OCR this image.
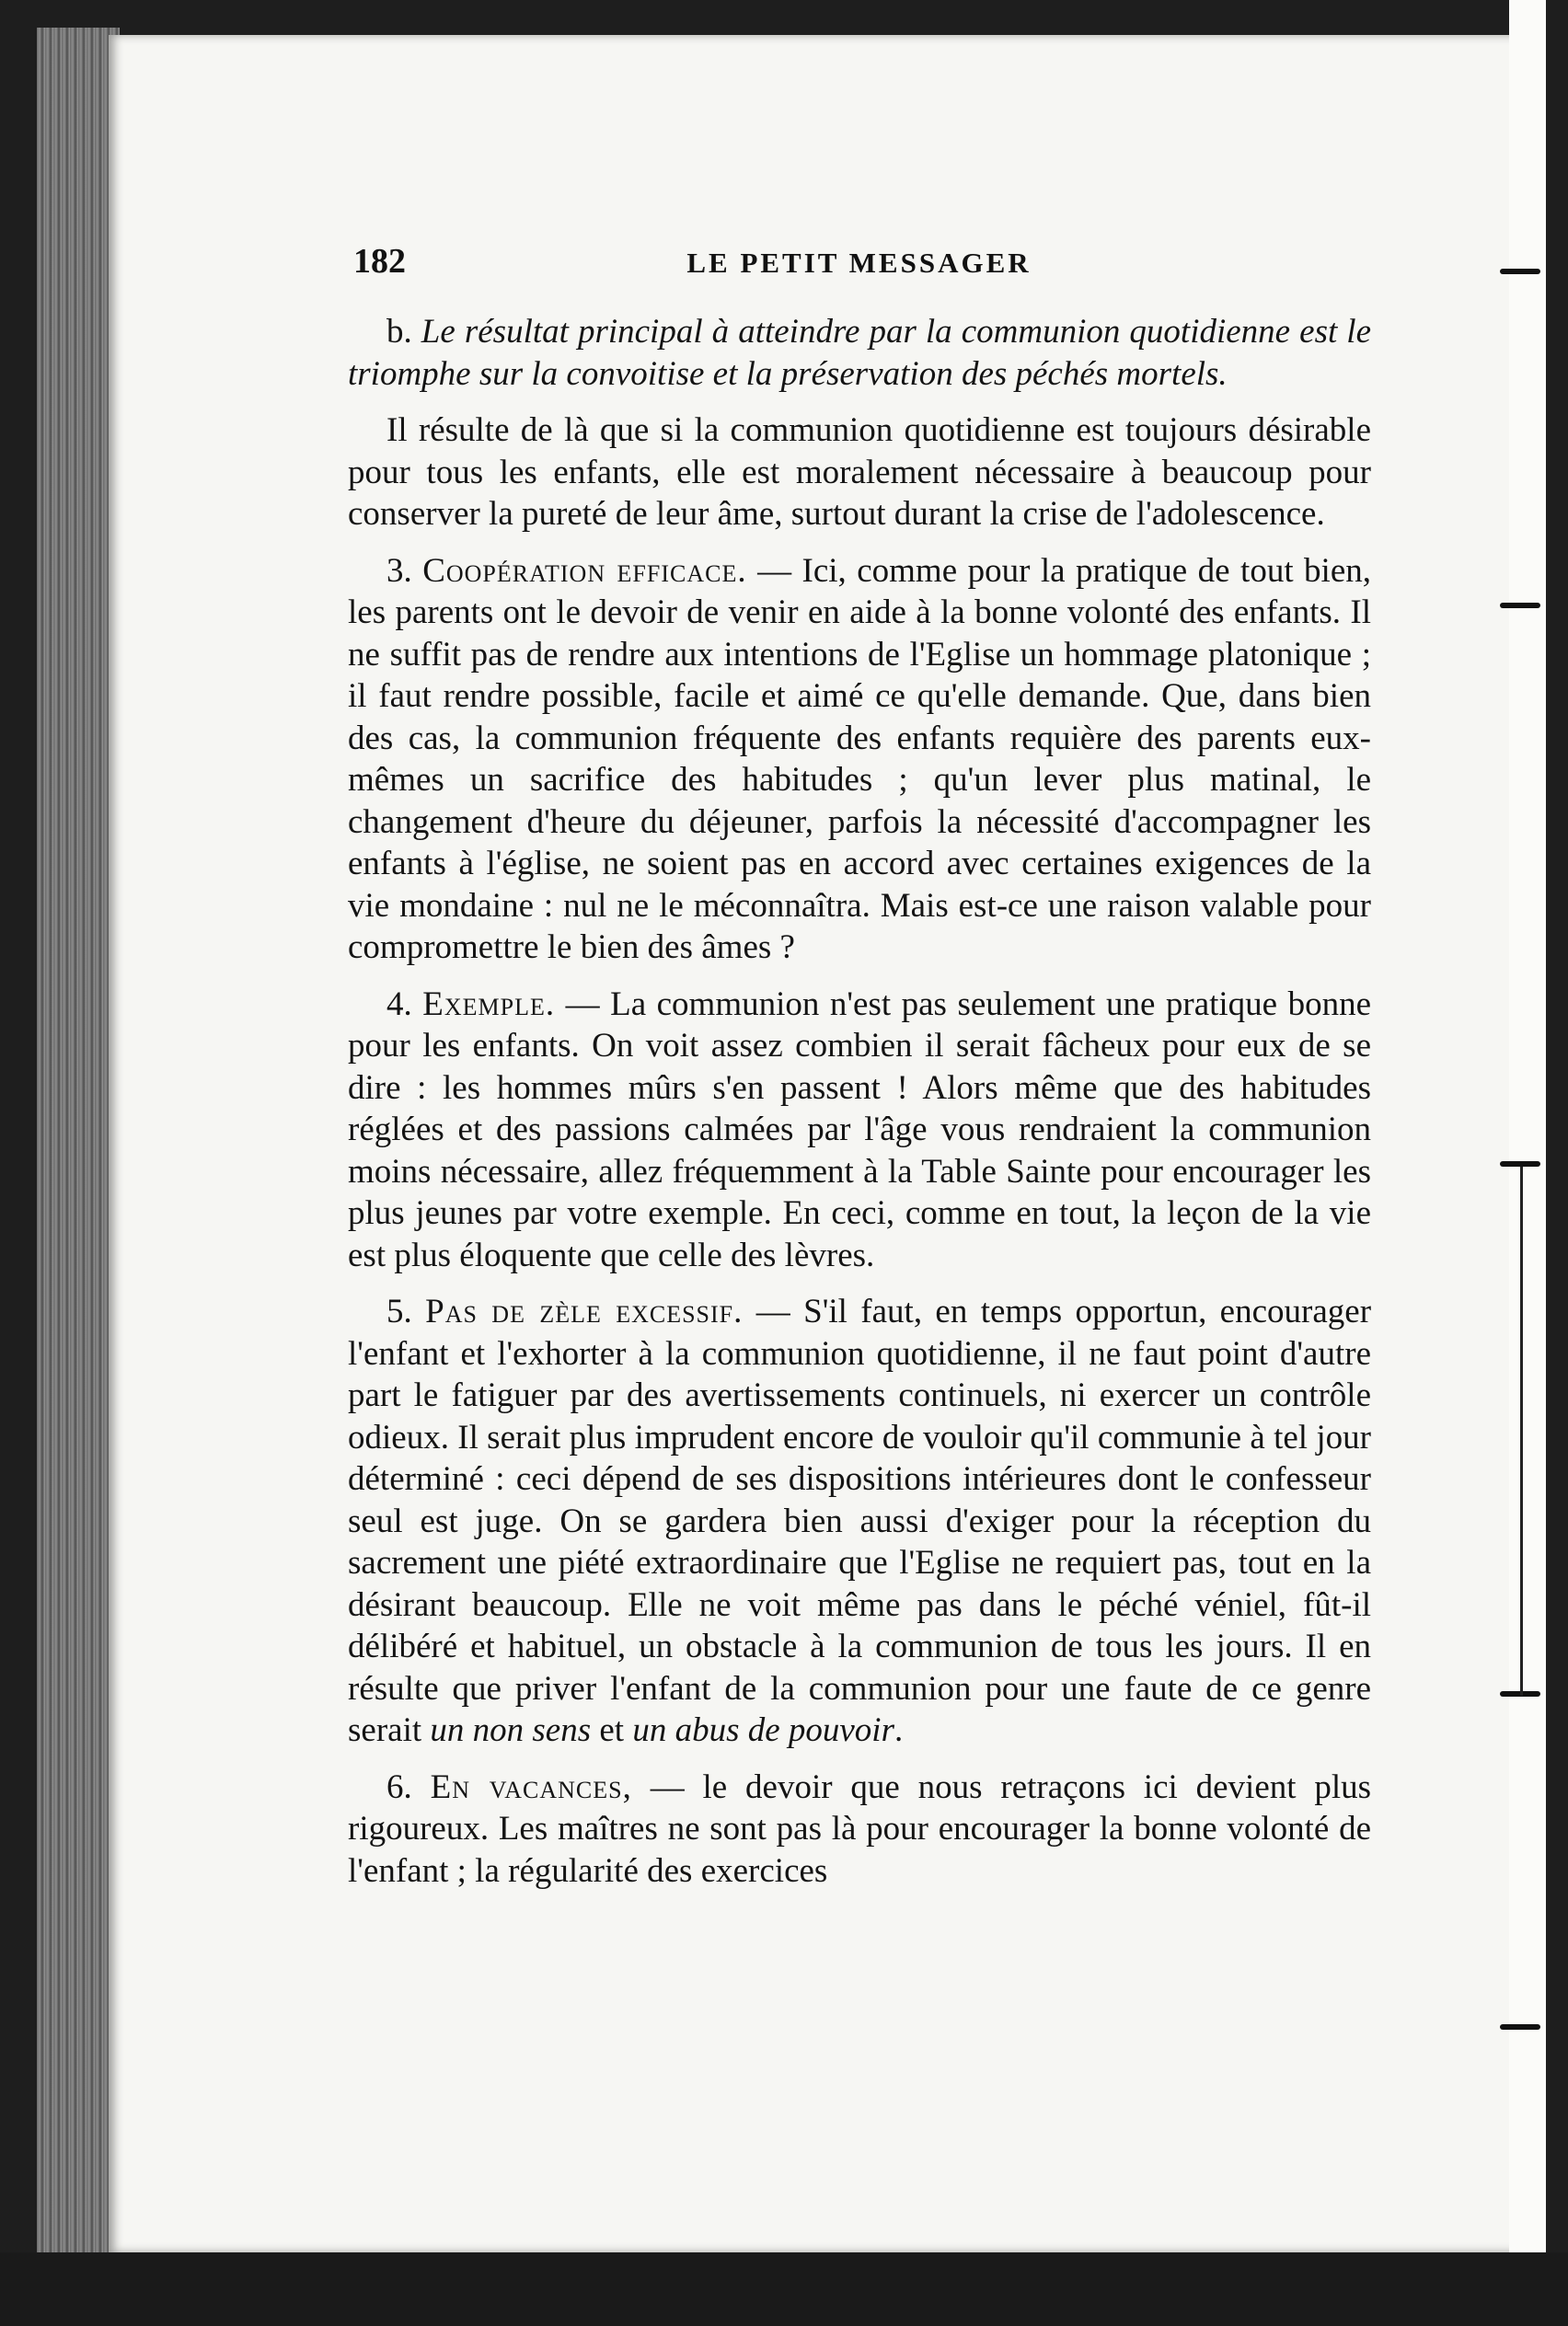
182	LE PETIT MESSAGER

b. Le résultat principal à atteindre par la communion quotidienne est le triomphe sur la convoitise et la préservation des péchés mortels.

Il résulte de là que si la communion quotidienne est toujours désirable pour tous les enfants, elle est moralement nécessaire à beaucoup pour conserver la pureté de leur âme, surtout durant la crise de l'adolescence.

3. Coopération efficace. — Ici, comme pour la pratique de tout bien, les parents ont le devoir de venir en aide à la bonne volonté des enfants. Il ne suffit pas de rendre aux intentions de l'Eglise un hommage platonique ; il faut rendre possible, facile et aimé ce qu'elle demande. Que, dans bien des cas, la communion fréquente des enfants requière des parents eux-mêmes un sacrifice des habitudes ; qu'un lever plus matinal, le changement d'heure du déjeuner, parfois la nécessité d'accompagner les enfants à l'église, ne soient pas en accord avec certaines exigences de la vie mondaine : nul ne le méconnaîtra. Mais est-ce une raison valable pour compromettre le bien des âmes ?

4. Exemple. — La communion n'est pas seulement une pratique bonne pour les enfants. On voit assez combien il serait fâcheux pour eux de se dire : les hommes mûrs s'en passent ! Alors même que des habitudes réglées et des passions calmées par l'âge vous rendraient la communion moins nécessaire, allez fréquemment à la Table Sainte pour encourager les plus jeunes par votre exemple. En ceci, comme en tout, la leçon de la vie est plus éloquente que celle des lèvres.

5. Pas de zèle excessif. — S'il faut, en temps opportun, encourager l'enfant et l'exhorter à la communion quotidienne, il ne faut point d'autre part le fatiguer par des avertissements continuels, ni exercer un contrôle odieux. Il serait plus imprudent encore de vouloir qu'il communie à tel jour déterminé : ceci dépend de ses dispositions intérieures dont le confesseur seul est juge. On se gardera bien aussi d'exiger pour la réception du sacrement une piété extraordinaire que l'Eglise ne requiert pas, tout en la désirant beaucoup. Elle ne voit même pas dans le péché véniel, fût-il délibéré et habituel, un obstacle à la communion de tous les jours. Il en résulte que priver l'enfant de la communion pour une faute de ce genre serait un non sens et un abus de pouvoir.

6. En vacances, — le devoir que nous retraçons ici devient plus rigoureux. Les maîtres ne sont pas là pour encourager la bonne volonté de l'enfant ; la régularité des exercices
